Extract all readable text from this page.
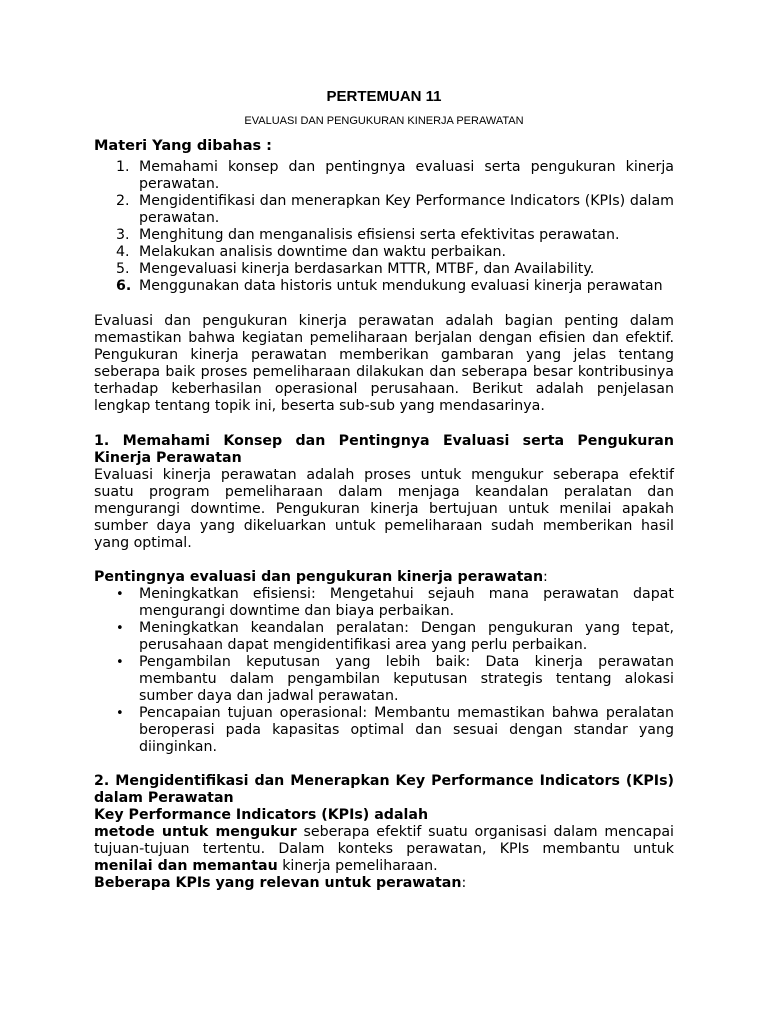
PERTEMUAN 11
EVALUASI DAN PENGUKURAN KINERJA PERAWATAN
Materi Yang dibahas :
1. Memahami konsep dan pentingnya evaluasi serta pengukuran kinerja perawatan.
2. Mengidentifikasi dan menerapkan Key Performance Indicators (KPIs) dalam perawatan.
3. Menghitung dan menganalisis efisiensi serta efektivitas perawatan.
4. Melakukan analisis downtime dan waktu perbaikan.
5. Mengevaluasi kinerja berdasarkan MTTR, MTBF, dan Availability.
6. Menggunakan data historis untuk mendukung evaluasi kinerja perawatan

Evaluasi dan pengukuran kinerja perawatan adalah bagian penting dalam memastikan bahwa kegiatan pemeliharaan berjalan dengan efisien dan efektif. Pengukuran kinerja perawatan memberikan gambaran yang jelas tentang seberapa baik proses pemeliharaan dilakukan dan seberapa besar kontribusinya terhadap keberhasilan operasional perusahaan. Berikut adalah penjelasan lengkap tentang topik ini, beserta sub-sub yang mendasarinya.

1. Memahami Konsep dan Pentingnya Evaluasi serta Pengukuran Kinerja Perawatan

Evaluasi kinerja perawatan adalah proses untuk mengukur seberapa efektif suatu program pemeliharaan dalam menjaga keandalan peralatan dan mengurangi downtime. Pengukuran kinerja bertujuan untuk menilai apakah sumber daya yang dikeluarkan untuk pemeliharaan sudah memberikan hasil yang optimal.

Pentingnya evaluasi dan pengukuran kinerja perawatan:

• Meningkatkan efisiensi: Mengetahui sejauh mana perawatan dapat mengurangi downtime dan biaya perbaikan.
• Meningkatkan keandalan peralatan: Dengan pengukuran yang tepat, perusahaan dapat mengidentifikasi area yang perlu perbaikan.
• Pengambilan keputusan yang lebih baik: Data kinerja perawatan membantu dalam pengambilan keputusan strategis tentang alokasi sumber daya dan jadwal perawatan.
• Pencapaian tujuan operasional: Membantu memastikan bahwa peralatan beroperasi pada kapasitas optimal dan sesuai dengan standar yang diinginkan.

2. Mengidentifikasi dan Menerapkan Key Performance Indicators (KPIs) dalam Perawatan

Key Performance Indicators (KPIs) adalah

metode untuk mengukur seberapa efektif suatu organisasi dalam mencapai tujuan-tujuan tertentu. Dalam konteks perawatan, KPIs membantu untuk menilai dan memantau kinerja pemeliharaan.

Beberapa KPIs yang relevan untuk perawatan:
